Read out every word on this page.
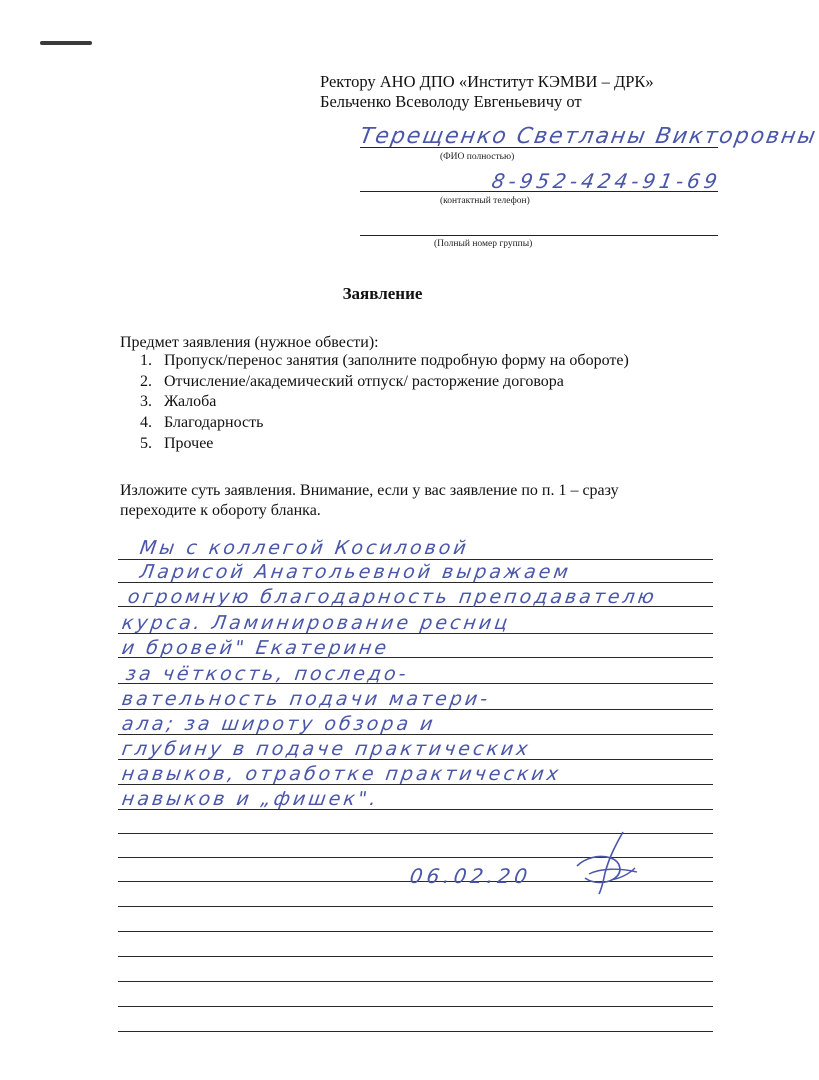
Ректору АНО ДПО «Институт КЭМВИ – ДРК»
Бельченко Всеволоду Евгеньевичу от
Терещенко Светланы Викторовны
(ФИО полностью)
8-952-424-91-69
(контактный телефон)
(Полный номер группы)
Заявление
Предмет заявления (нужное обвести):
1. Пропуск/перенос занятия (заполните подробную форму на обороте)
2. Отчисление/академический отпуск/ расторжение договора
3. Жалоба
4. Благодарность
5. Прочее
Изложите суть заявления. Внимание, если у вас заявление по п. 1 – сразу
переходите к обороту бланка.
Мы с коллегой Косиловой
Ларисой Анатольевной выражаем
огромную благодарность преподавателю
курса. Ламинирование ресниц
и бровей" Екатерине
за чёткость, последо-
вательность подачи матери-
ала; за широту обзора и
глубину в подаче практических
навыков, отработке практических
навыков и „фишек".
06.02.20
